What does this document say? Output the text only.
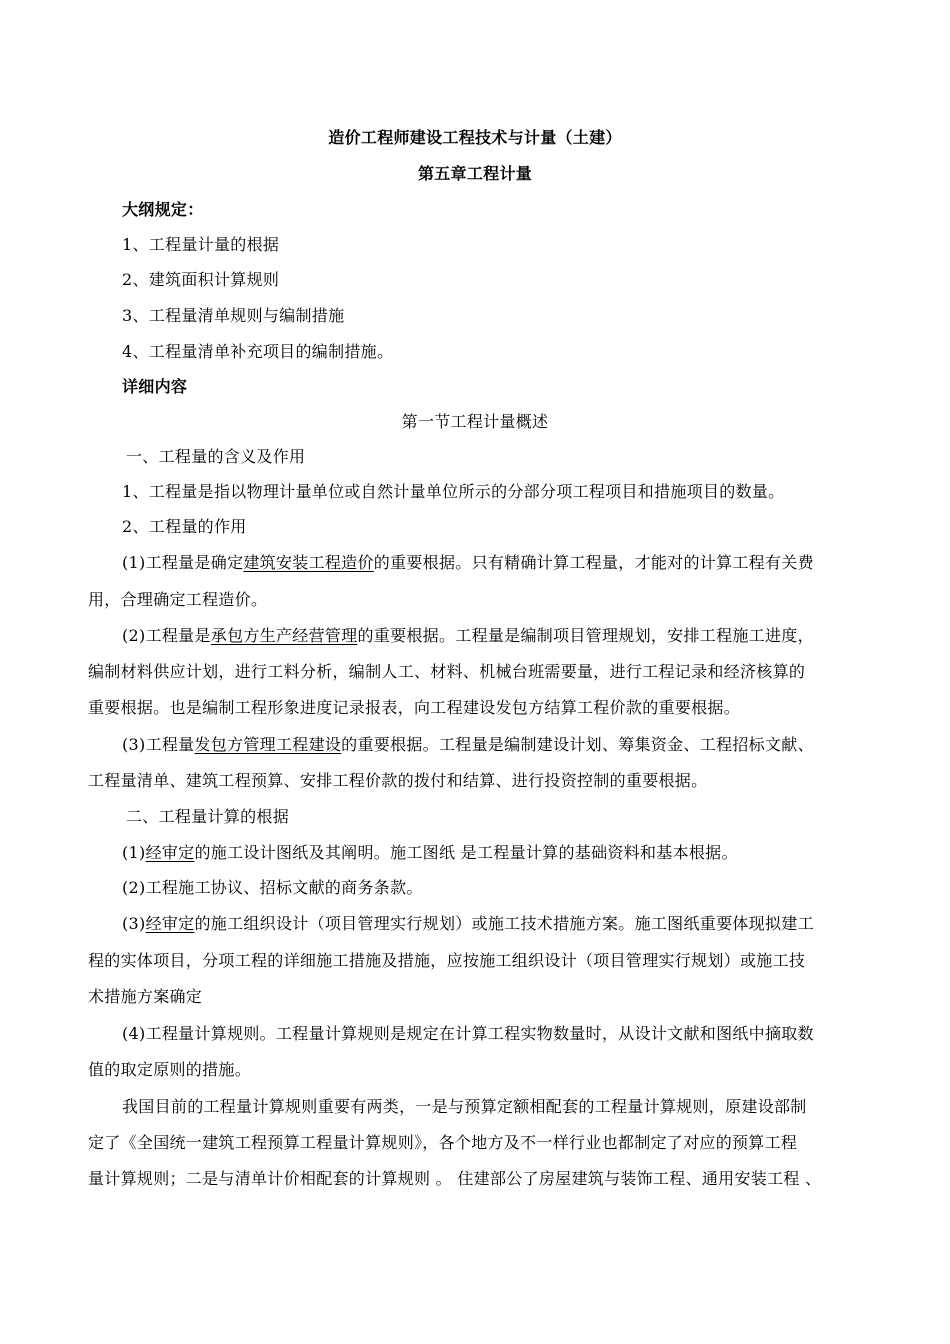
造价工程师建设工程技术与计量（土建）
第五章工程计量
大纲规定：
1、工程量计量的根据
2、建筑面积计算规则
3、工程量清单规则与编制措施
4、工程量清单补充项目的编制措施。
详细内容
第一节工程计量概述
一、工程量的含义及作用
1、工程量是指以物理计量单位或自然计量单位所示的分部分项工程项目和措施项目的数量。
2、工程量的作用
(1)工程量是确定建筑安装工程造价的重要根据。只有精确计算工程量，才能对的计算工程有关费
用，合理确定工程造价。
(2)工程量是承包方生产经营管理的重要根据。工程量是编制项目管理规划，安排工程施工进度，
编制材料供应计划，进行工料分析，编制人工、材料、机械台班需要量，进行工程记录和经济核算的
重要根据。也是编制工程形象进度记录报表，向工程建设发包方结算工程价款的重要根据。
(3)工程量发包方管理工程建设的重要根据。工程量是编制建设计划、筹集资金、工程招标文献、
工程量清单、建筑工程预算、安排工程价款的拨付和结算、进行投资控制的重要根据。
二、工程量计算的根据
(1)经审定的施工设计图纸及其阐明。施工图纸 是工程量计算的基础资料和基本根据。
(2)工程施工协议、招标文献的商务条款。
(3)经审定的施工组织设计（项目管理实行规划）或施工技术措施方案。施工图纸重要体现拟建工
程的实体项目，分项工程的详细施工措施及措施，应按施工组织设计（项目管理实行规划）或施工技
术措施方案确定
(4)工程量计算规则。工程量计算规则是规定在计算工程实物数量时，从设计文献和图纸中摘取数
值的取定原则的措施。
我国目前的工程量计算规则重要有两类，一是与预算定额相配套的工程量计算规则，原建设部制
定了《全国统一建筑工程预算工程量计算规则》，各个地方及不一样行业也都制定了对应的预算工程
量计算规则；二是与清单计价相配套的计算规则 。 住建部公了房屋建筑与装饰工程、通用安装工程 、
